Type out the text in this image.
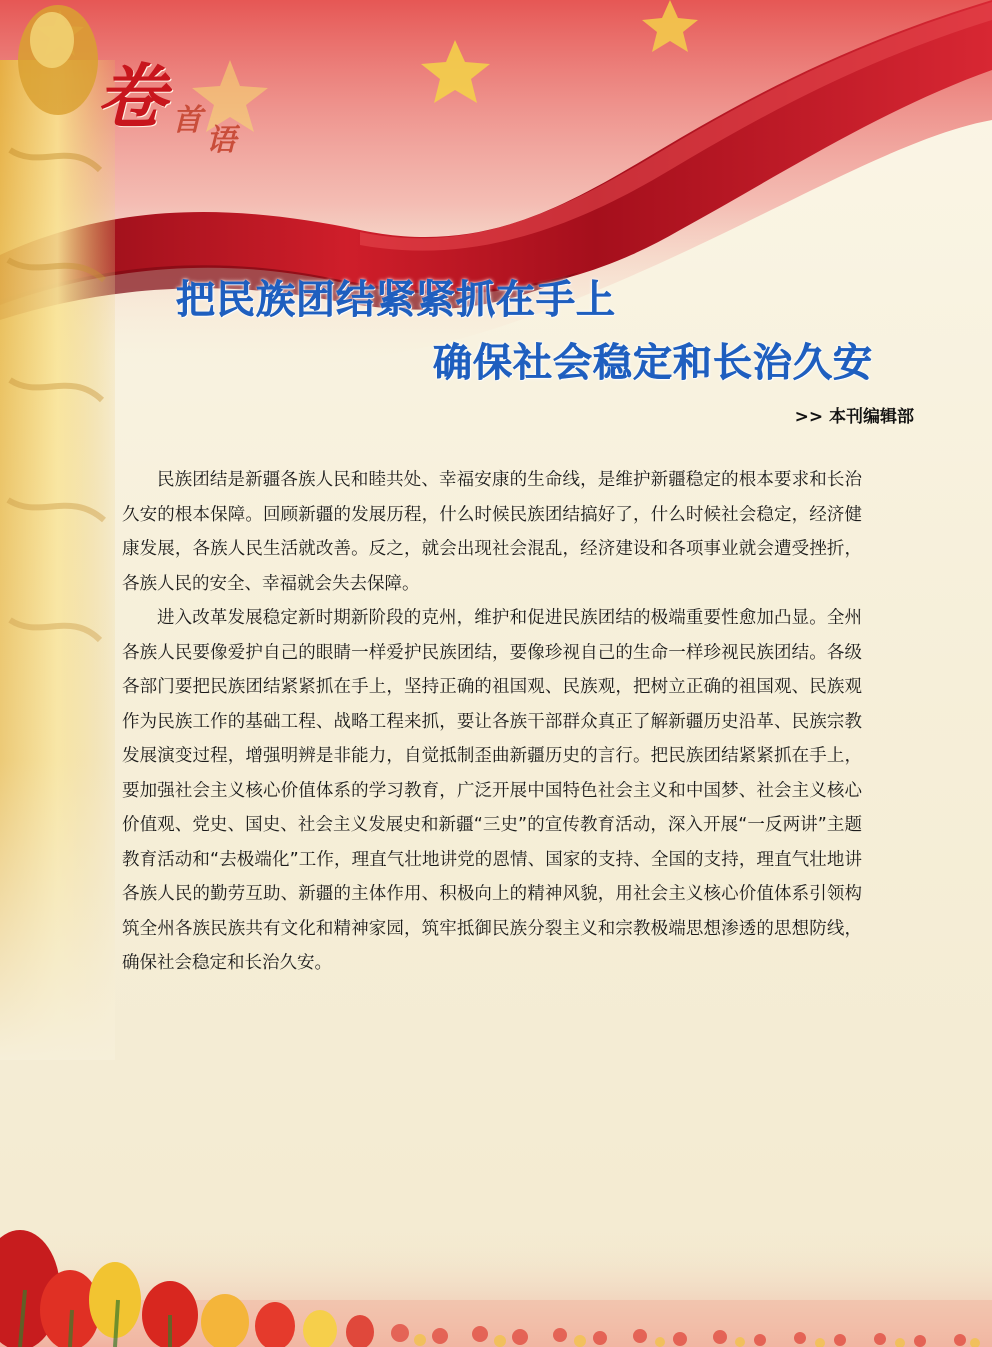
卷 首
语
把民族团结紧紧抓在手上
确保社会稳定和长治久安
>> 本刊编辑部

民族团结是新疆各族人民和睦共处、幸福安康的生命线，是维护新疆稳定的根本要求和长治久安的根本保障。回顾新疆的发展历程，什么时候民族团结搞好了，什么时候社会稳定，经济健康发展，各族人民生活就改善。反之，就会出现社会混乱，经济建设和各项事业就会遭受挫折，各族人民的安全、幸福就会失去保障。

进入改革发展稳定新时期新阶段的克州，维护和促进民族团结的极端重要性愈加凸显。全州各族人民要像爱护自己的眼睛一样爱护民族团结，要像珍视自己的生命一样珍视民族团结。各级各部门要把民族团结紧紧抓在手上，坚持正确的祖国观、民族观，把树立正确的祖国观、民族观作为民族工作的基础工程、战略工程来抓，要让各族干部群众真正了解新疆历史沿革、民族宗教发展演变过程，增强明辨是非能力，自觉抵制歪曲新疆历史的言行。把民族团结紧紧抓在手上，要加强社会主义核心价值体系的学习教育，广泛开展中国特色社会主义和中国梦、社会主义核心价值观、党史、国史、社会主义发展史和新疆“三史”的宣传教育活动，深入开展“一反两讲”主题教育活动和“去极端化”工作，理直气壮地讲党的恩情、国家的支持、全国的支持，理直气壮地讲各族人民的勤劳互助、新疆的主体作用、积极向上的精神风貌，用社会主义核心价值体系引领构筑全州各族民族共有文化和精神家园，筑牢抵御民族分裂主义和宗教极端思想渗透的思想防线，确保社会稳定和长治久安。
